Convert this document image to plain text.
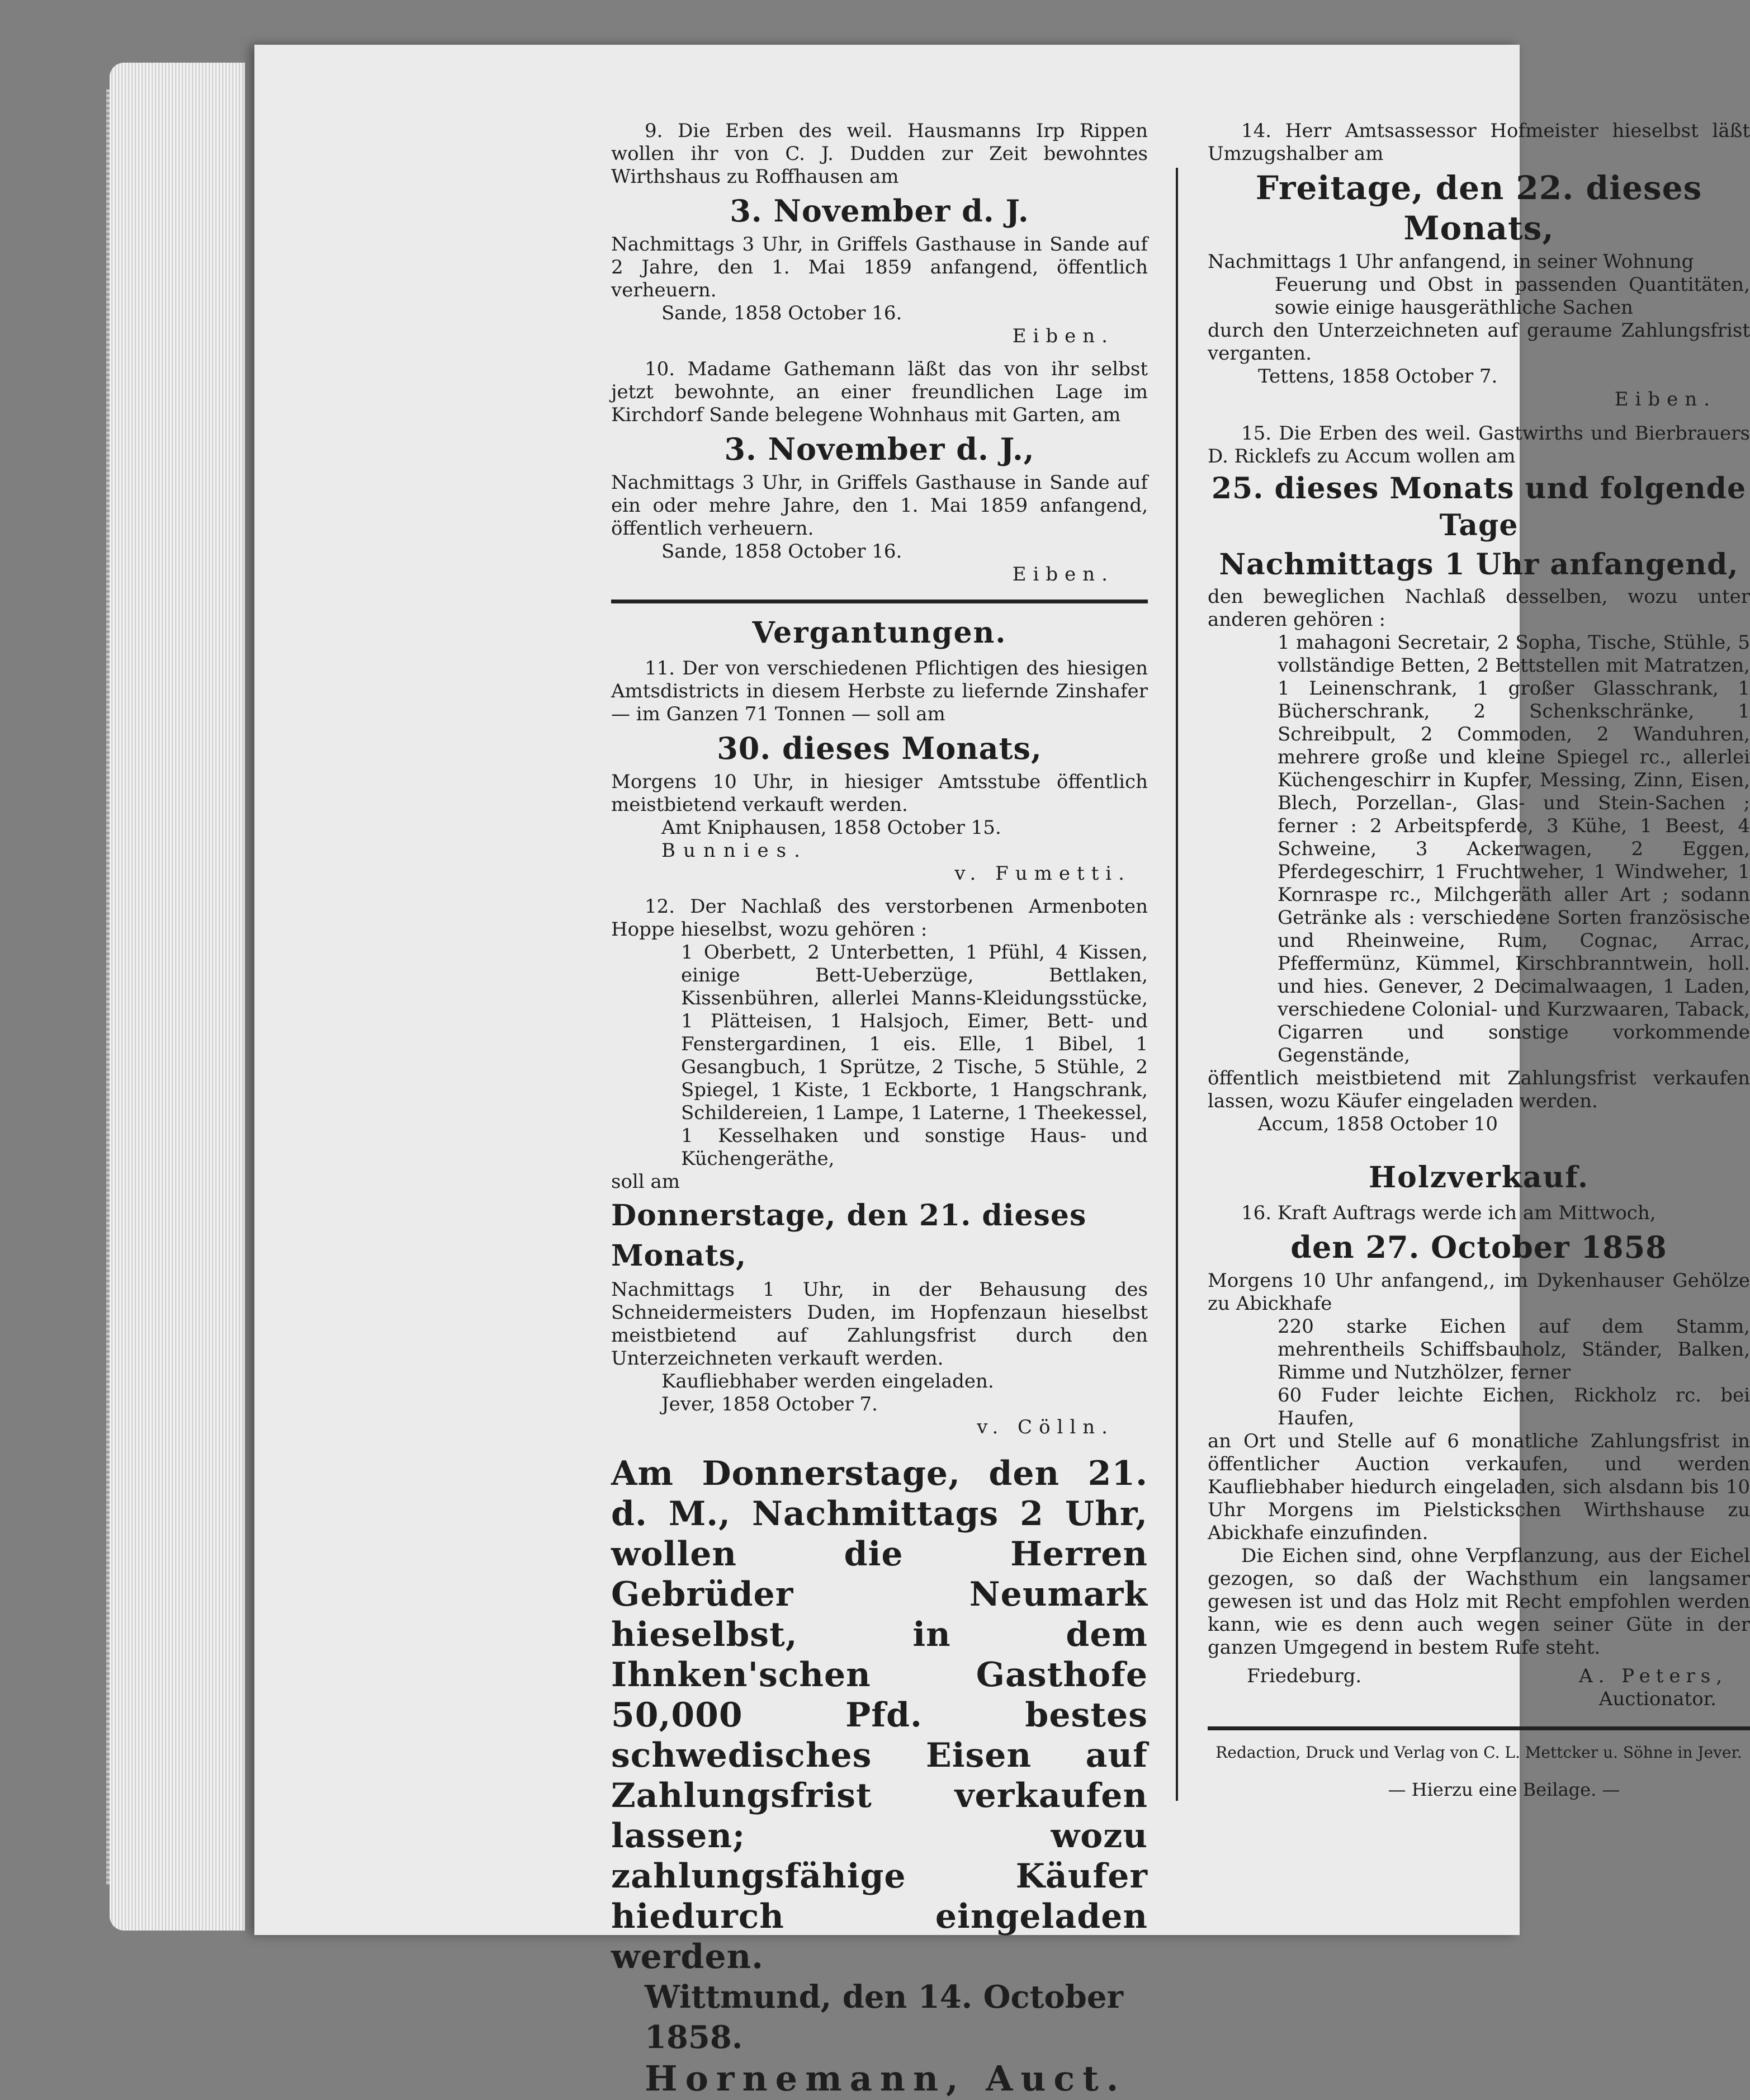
9. Die Erben des weil. Hausmanns Irp Rippen wollen ihr von C. J. Dudden zur Zeit bewohntes Wirthshaus zu Roffhausen am

3. November d. J.

Nachmittags 3 Uhr, in Griffels Gasthause in Sande auf 2 Jahre, den 1. Mai 1859 anfangend, öffentlich verheuern.

Sande, 1858 October 16.

Eiben.

10. Madame Gathemann läßt das von ihr selbst jetzt bewohnte, an einer freundlichen Lage im Kirchdorf Sande belegene Wohnhaus mit Garten, am

3. November d. J.,

Nachmittags 3 Uhr, in Griffels Gasthause in Sande auf ein oder mehre Jahre, den 1. Mai 1859 anfangend, öffentlich verheuern.

Sande, 1858 October 16.

Eiben.

Vergantungen.

11. Der von verschiedenen Pflichtigen des hiesigen Amtsdistricts in diesem Herbste zu liefernde Zinshafer — im Ganzen 71 Tonnen — soll am

30. dieses Monats,

Morgens 10 Uhr, in hiesiger Amtsstube öffentlich meistbietend verkauft werden.

Amt Kniphausen, 1858 October 15.

Bunnies.

v. Fumetti.

12. Der Nachlaß des verstorbenen Armenboten Hoppe hieselbst, wozu gehören :

1 Oberbett, 2 Unterbetten, 1 Pfühl, 4 Kissen, einige Bett-Ueberzüge, Bettlaken, Kissenbühren, allerlei Manns-Kleidungsstücke, 1 Plätteisen, 1 Halsjoch, Eimer, Bett- und Fenstergardinen, 1 eis. Elle, 1 Bibel, 1 Gesangbuch, 1 Sprütze, 2 Tische, 5 Stühle, 2 Spiegel, 1 Kiste, 1 Eckborte, 1 Hangschrank, Schildereien, 1 Lampe, 1 Laterne, 1 Theekessel, 1 Kesselhaken und sonstige Haus- und Küchengeräthe,

soll am

Donnerstage, den 21. dieses Monats,

Nachmittags 1 Uhr, in der Behausung des Schneidermeisters Duden, im Hopfenzaun hieselbst meistbietend auf Zahlungsfrist durch den Unterzeichneten verkauft werden.

Kaufliebhaber werden eingeladen.

Jever, 1858 October 7.

v. Cölln.

Am Donnerstage, den 21. d. M., Nachmittags 2 Uhr, wollen die Herren Gebrüder Neumark hieselbst, in dem Ihnken'schen Gasthofe 50,000 Pfd. bestes schwedisches Eisen auf Zahlungsfrist verkaufen lassen; wozu zahlungsfähige Käufer hiedurch eingeladen werden.

Wittmund, den 14. October 1858.

Hornemann, Auct.

14. Herr Amtsassessor Hofmeister hieselbst läßt Umzugshalber am

Freitage, den 22. dieses Monats,

Nachmittags 1 Uhr anfangend, in seiner Wohnung

Feuerung und Obst in passenden Quantitäten, sowie einige hausgeräthliche Sachen

durch den Unterzeichneten auf geraume Zahlungsfrist verganten.

Tettens, 1858 October 7.

Eiben.

15. Die Erben des weil. Gastwirths und Bierbrauers D. Ricklefs zu Accum wollen am

25. dieses Monats und folgende Tage

Nachmittags 1 Uhr anfangend,

den beweglichen Nachlaß desselben, wozu unter anderen gehören :

1 mahagoni Secretair, 2 Sopha, Tische, Stühle, 5 vollständige Betten, 2 Bettstellen mit Matratzen, 1 Leinenschrank, 1 großer Glasschrank, 1 Bücherschrank, 2 Schenkschränke, 1 Schreibpult, 2 Commoden, 2 Wanduhren, mehrere große und kleine Spiegel rc., allerlei Küchengeschirr in Kupfer, Messing, Zinn, Eisen, Blech, Porzellan-, Glas- und Stein-Sachen ; ferner : 2 Arbeitspferde, 3 Kühe, 1 Beest, 4 Schweine, 3 Ackerwagen, 2 Eggen, Pferdegeschirr, 1 Fruchtweher, 1 Windweher, 1 Kornraspe rc., Milchgeräth aller Art ; sodann Getränke als : verschiedene Sorten französische und Rheinweine, Rum, Cognac, Arrac, Pfeffermünz, Kümmel, Kirschbranntwein, holl. und hies. Genever, 2 Decimalwaagen, 1 Laden, verschiedene Colonial- und Kurzwaaren, Taback, Cigarren und sonstige vorkommende Gegenstände,

öffentlich meistbietend mit Zahlungsfrist verkaufen lassen, wozu Käufer eingeladen werden.

Accum, 1858 October 10

Holzverkauf.

16. Kraft Auftrags werde ich am Mittwoch,

den 27. October 1858

Morgens 10 Uhr anfangend,, im Dykenhauser Gehölze zu Abickhafe

220 starke Eichen auf dem Stamm, mehrentheils Schiffsbauholz, Ständer, Balken, Rimme und Nutzhölzer, ferner

60 Fuder leichte Eichen, Rickholz rc. bei Haufen,

an Ort und Stelle auf 6 monatliche Zahlungsfrist in öffentlicher Auction verkaufen, und werden Kaufliebhaber hiedurch eingeladen, sich alsdann bis 10 Uhr Morgens im Pielstickschen Wirthshause zu Abickhafe einzufinden.

Die Eichen sind, ohne Verpflanzung, aus der Eichel gezogen, so daß der Wachsthum ein langsamer gewesen ist und das Holz mit Recht empfohlen werden kann, wie es denn auch wegen seiner Güte in der ganzen Umgegend in bestem Rufe steht.

Friedeburg.	A. Peters,
Auctionator.

Redaction, Druck und Verlag von C. L. Mettcker u. Söhne in Jever.

— Hierzu eine Beilage. —
